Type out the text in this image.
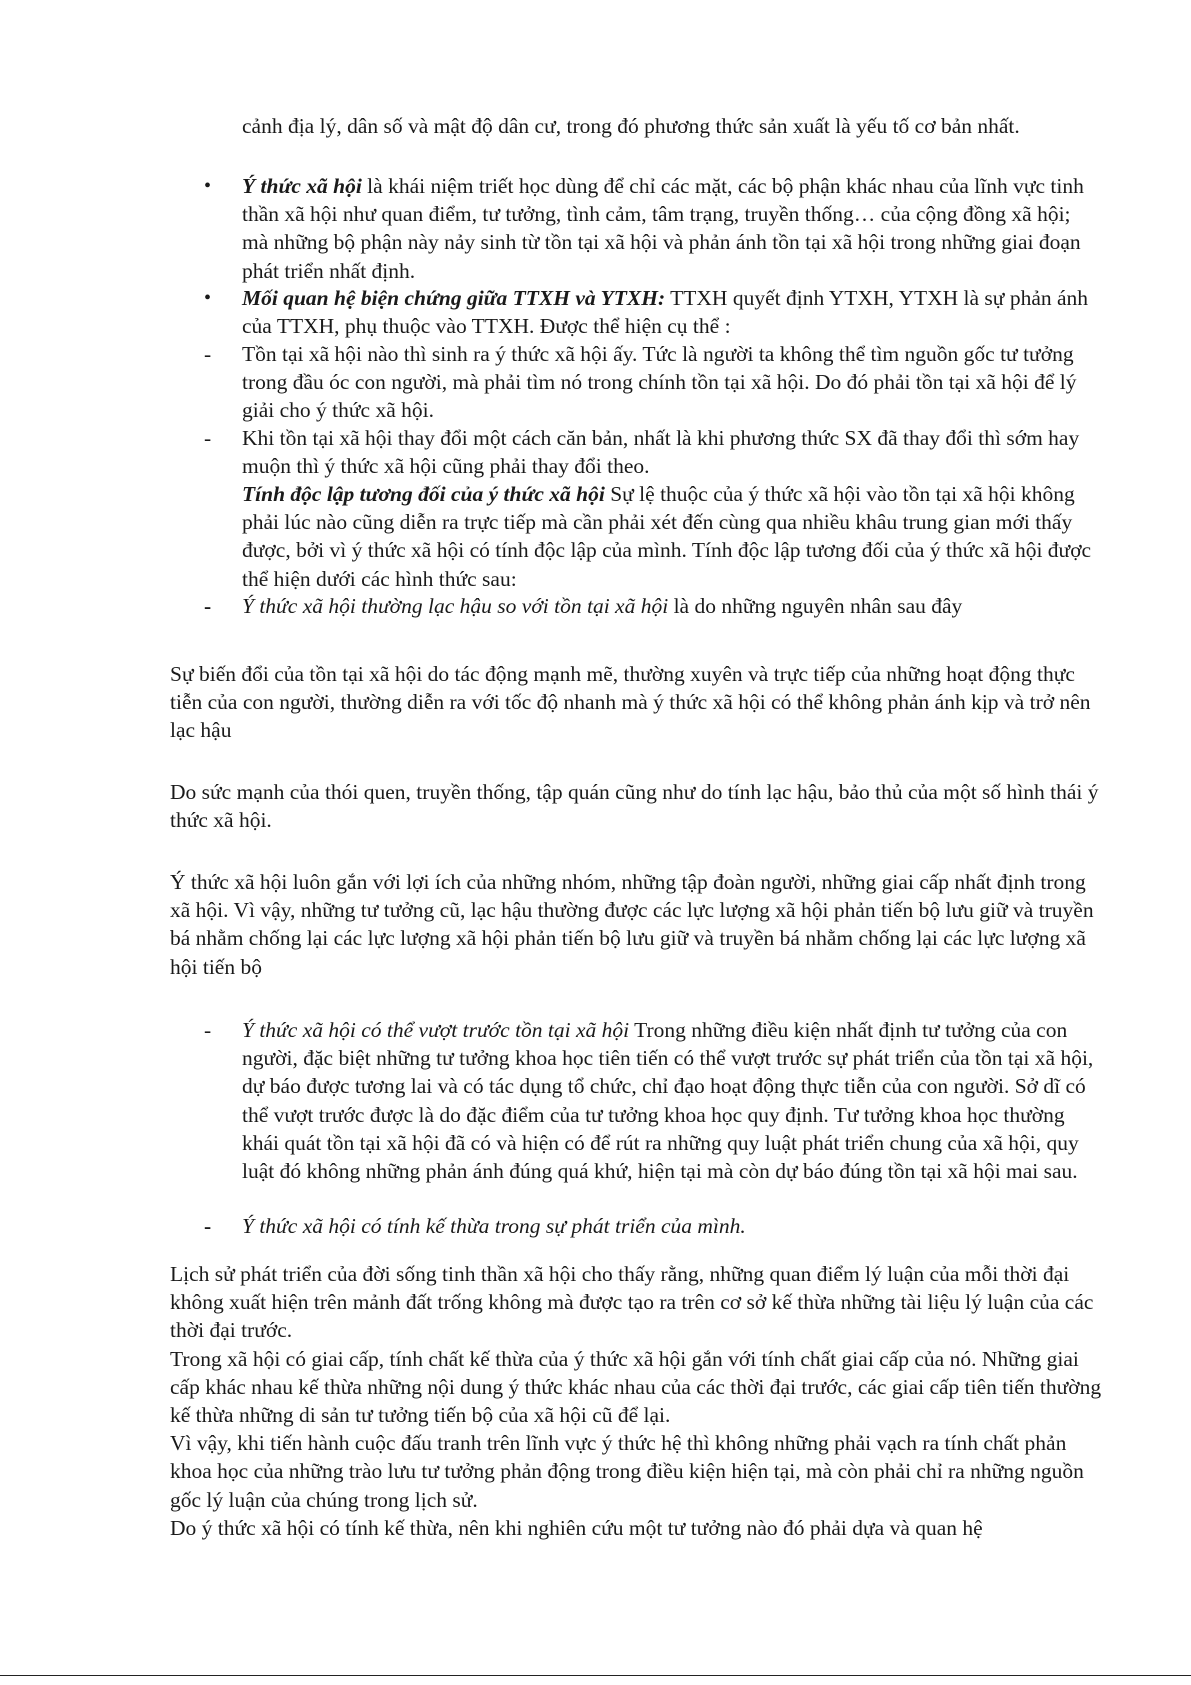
cảnh địa lý, dân số và mật độ dân cư, trong đó phương thức sản xuất là yếu tố cơ bản nhất.
• Ý thức xã hội là khái niệm triết học dùng để chỉ các mặt, các bộ phận khác nhau của lĩnh vực tinh thần xã hội như quan điểm, tư tưởng, tình cảm, tâm trạng, truyền thống… của cộng đồng xã hội; mà những bộ phận này nảy sinh từ tồn tại xã hội và phản ánh tồn tại xã hội trong những giai đoạn phát triển nhất định.
• Mối quan hệ biện chứng giữa TTXH và YTXH: TTXH quyết định YTXH, YTXH là sự phản ánh của TTXH, phụ thuộc vào TTXH. Được thể hiện cụ thể :
- Tồn tại xã hội nào thì sinh ra ý thức xã hội ấy. Tức là người ta không thể tìm nguồn gốc tư tưởng trong đầu óc con người, mà phải tìm nó trong chính tồn tại xã hội. Do đó phải tồn tại xã hội để lý giải cho ý thức xã hội.
- Khi tồn tại xã hội thay đổi một cách căn bản, nhất là khi phương thức SX đã thay đổi thì sớm hay muộn thì ý thức xã hội cũng phải thay đổi theo.
Tính độc lập tương đối của ý thức xã hội Sự lệ thuộc của ý thức xã hội vào tồn tại xã hội không phải lúc nào cũng diễn ra trực tiếp mà cần phải xét đến cùng qua nhiều khâu trung gian mới thấy được, bởi vì ý thức xã hội có tính độc lập của mình. Tính độc lập tương đối của ý thức xã hội được thể hiện dưới các hình thức sau:
- Ý thức xã hội thường lạc hậu so với tồn tại xã hội là do những nguyên nhân sau đây
Sự biến đổi của tồn tại xã hội do tác động mạnh mẽ, thường xuyên và trực tiếp của những hoạt động thực tiễn của con người, thường diễn ra với tốc độ nhanh mà ý thức xã hội có thể không phản ánh kịp và trở nên lạc hậu
Do sức mạnh của thói quen, truyền thống, tập quán cũng như do tính lạc hậu, bảo thủ của một số hình thái ý thức xã hội.
Ý thức xã hội luôn gắn với lợi ích của những nhóm, những tập đoàn người, những giai cấp nhất định trong xã hội. Vì vậy, những tư tưởng cũ, lạc hậu thường được các lực lượng xã hội phản tiến bộ lưu giữ và truyền bá nhằm chống lại các lực lượng xã hội phản tiến bộ lưu giữ và truyền bá nhằm chống lại các lực lượng xã hội tiến bộ
- Ý thức xã hội có thể vượt trước tồn tại xã hội Trong những điều kiện nhất định tư tưởng của con người, đặc biệt những tư tưởng khoa học tiên tiến có thể vượt trước sự phát triển của tồn tại xã hội, dự báo được tương lai và có tác dụng tổ chức, chỉ đạo hoạt động thực tiễn của con người. Sở dĩ có thể vượt trước được là do đặc điểm của tư tưởng khoa học quy định. Tư tưởng khoa học thường khái quát tồn tại xã hội đã có và hiện có để rút ra những quy luật phát triển chung của xã hội, quy luật đó không những phản ánh đúng quá khứ, hiện tại mà còn dự báo đúng tồn tại xã hội mai sau.
- Ý thức xã hội có tính kế thừa trong sự phát triển của mình.
Lịch sử phát triển của đời sống tinh thần xã hội cho thấy rằng, những quan điểm lý luận của mỗi thời đại không xuất hiện trên mảnh đất trống không mà được tạo ra trên cơ sở kế thừa những tài liệu lý luận của các thời đại trước.
Trong xã hội có giai cấp, tính chất kế thừa của ý thức xã hội gắn với tính chất giai cấp của nó. Những giai cấp khác nhau kế thừa những nội dung ý thức khác nhau của các thời đại trước, các giai cấp tiên tiến thường kế thừa những di sản tư tưởng tiến bộ của xã hội cũ để lại.
Vì vậy, khi tiến hành cuộc đấu tranh trên lĩnh vực ý thức hệ thì không những phải vạch ra tính chất phản khoa học của những trào lưu tư tưởng phản động trong điều kiện hiện tại, mà còn phải chỉ ra những nguồn gốc lý luận của chúng trong lịch sử.
Do ý thức xã hội có tính kế thừa, nên khi nghiên cứu một tư tưởng nào đó phải dựa và quan hệ
